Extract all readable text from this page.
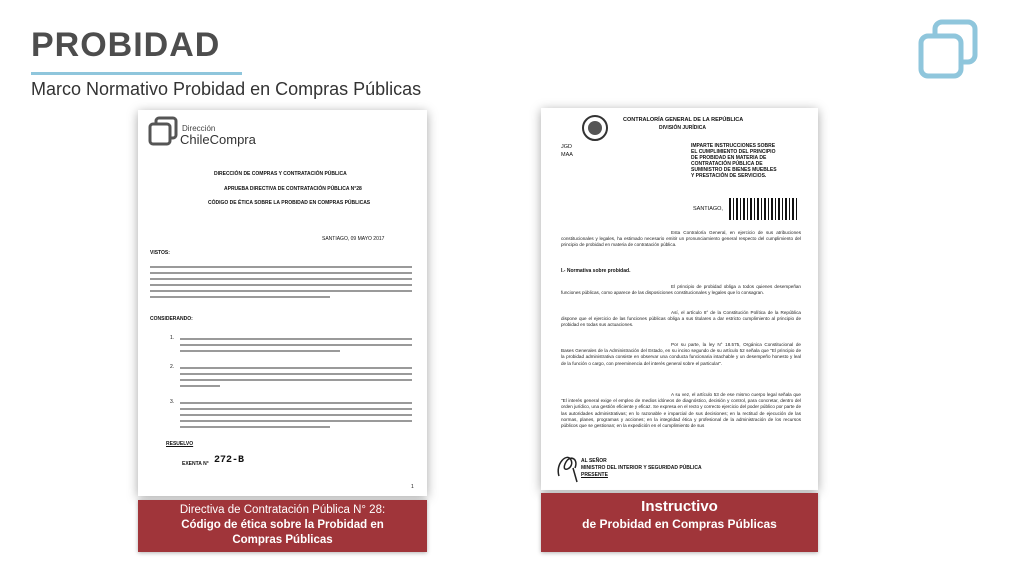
PROBIDAD
Marco Normativo Probidad en Compras Públicas
Dirección
ChileCompra
DIRECCIÓN DE COMPRAS Y CONTRATACIÓN PÚBLICA
APRUEBA DIRECTIVA DE CONTRATACIÓN PÚBLICA N°28
CÓDIGO DE ÉTICA SOBRE LA PROBIDAD EN COMPRAS PÚBLICAS
SANTIAGO, 09 MAYO 2017
VISTOS:
CONSIDERANDO:
1.
2.
3.
RESUELVO
EXENTA N° 272-B
1
Directiva de Contratación Pública N° 28:
Código de ética sobre la Probidad en
Compras Públicas
CONTRALORÍA GENERAL DE LA REPÚBLICA
DIVISIÓN JURÍDICA
JGD
MAA
IMPARTE INSTRUCCIONES SOBRE
EL CUMPLIMIENTO DEL PRINCIPIO
DE PROBIDAD EN MATERIA DE
CONTRATACIÓN PÚBLICA DE
SUMINISTRO DE BIENES MUEBLES
Y PRESTACIÓN DE SERVICIOS.
SANTIAGO,
Esta Contraloría General, en ejercicio de sus atribuciones constitucionales y legales, ha estimado necesario emitir un pronunciamiento general respecto del cumplimiento del principio de probidad en materia de contratación pública.
I.- Normativa sobre probidad.
El principio de probidad obliga a todos quienes desempeñan funciones públicas, como aparece de las disposiciones constitucionales y legales que lo consagran.
Así, el artículo 8° de la Constitución Política de la República dispone que el ejercicio de las funciones públicas obliga a sus titulares a dar estricto cumplimiento al principio de probidad en todas sus actuaciones.
Por su parte, la ley N° 18.575, Orgánica Constitucional de Bases Generales de la Administración del Estado, en su inciso segundo de su artículo 52 señala que "El principio de la probidad administrativa consiste en observar una conducta funcionaria intachable y un desempeño honesto y leal de la función o cargo, con preeminencia del interés general sobre el particular".
A su vez, el artículo 53 de ese mismo cuerpo legal señala que "El interés general exige el empleo de medios idóneos de diagnóstico, decisión y control, para concretar, dentro del orden jurídico, una gestión eficiente y eficaz. Se expresa en el recto y correcto ejercicio del poder público por parte de las autoridades administrativas; en lo razonable e imparcial de sus decisiones; en la rectitud de ejecución de las normas, planes, programas y acciones; en la integridad ética y profesional de la administración de los recursos públicos que se gestionan; en la expedición en el cumplimiento de sus
AL SEÑOR
MINISTRO DEL INTERIOR Y SEGURIDAD PÚBLICA
PRESENTE
Instructivo
de Probidad en Compras Públicas
